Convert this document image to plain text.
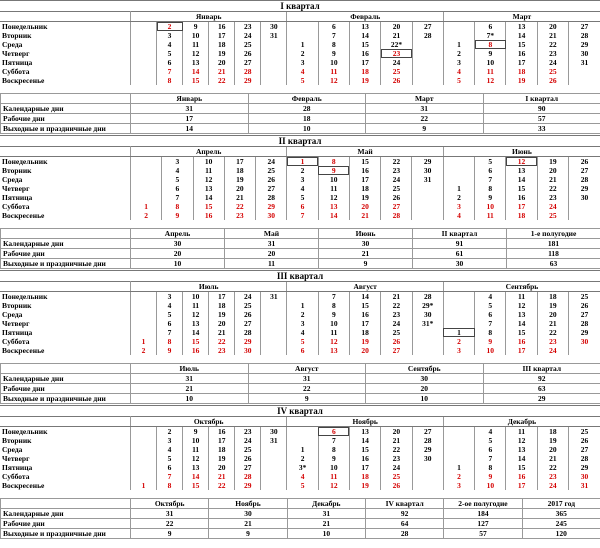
I квартал
	Январь						Февраль					Март				
Понедельник		2	9	16	23	30		6	13	20	27		6	13	20	27
Вторник		3	10	17	24	31		7	14	21	28		7*	14	21	28
Среда		4	11	18	25		1	8	15	22*		1	8	15	22	29
Четверг		5	12	19	26		2	9	16	23		2	9	16	23	30
Пятница		6	13	20	27		3	10	17	24		3	10	17	24	31
Суббота		7	14	21	28		4	11	18	25		4	11	18	25	
Воскресенье		8	15	22	29		5	12	19	26		5	12	19	26	
	Январь	Февраль	Март	I квартал
Календарные дни	31	28	31	90
Рабочие дни	17	18	22	57
Выходные и праздничные дни	14	10	9	33
II квартал
	Апрель					Май					Июнь				
Понедельник		3	10	17	24	1	8	15	22	29		5	12	19	26
Вторник		4	11	18	25	2	9	16	23	30		6	13	20	27
Среда		5	12	19	26	3	10	17	24	31		7	14	21	28
Четверг		6	13	20	27	4	11	18	25		1	8	15	22	29
Пятница		7	14	21	28	5	12	19	26		2	9	16	23	30
Суббота	1	8	15	22	29	6	13	20	27		3	10	17	24	
Воскресенье	2	9	16	23	30	7	14	21	28		4	11	18	25	
	Апрель	Май	Июнь	II квартал	1-е полугодие
Календарные дни	30	31	30	91	181
Рабочие дни	20	20	21	61	118
Выходные и праздничные дни	10	11	9	30	63
III квартал
	Июль						Август					Сентябрь				
Понедельник		3	10	17	24	31		7	14	21	28		4	11	18	25
Вторник		4	11	18	25		1	8	15	22	29*		5	12	19	26
Среда		5	12	19	26		2	9	16	23	30		6	13	20	27
Четверг		6	13	20	27		3	10	17	24	31*		7	14	21	28
Пятница		7	14	21	28		4	11	18	25		1	8	15	22	29
Суббота	1	8	15	22	29		5	12	19	26		2	9	16	23	30
Воскресенье	2	9	16	23	30		6	13	20	27		3	10	17	24	
	Июль	Август	Сентябрь	III квартал
Календарные дни	31	31	30	92
Рабочие дни	21	22	20	63
Выходные и праздничные дни	10	9	10	29
IV квартал
	Октябрь						Ноябрь					Декабрь				
Понедельник		2	9	16	23	30		6	13	20	27		4	11	18	25
Вторник		3	10	17	24	31		7	14	21	28		5	12	19	26
Среда		4	11	18	25		1	8	15	22	29		6	13	20	27
Четверг		5	12	19	26		2	9	16	23	30		7	14	21	28
Пятница		6	13	20	27		3*	10	17	24		1	8	15	22	29
Суббота		7	14	21	28		4	11	18	25		2	9	16	23	30
Воскресенье	1	8	15	22	29		5	12	19	26		3	10	17	24	31
	Октябрь	Ноябрь	Декабрь	IV квартал	2-ое полугодие	2017 год
Календарные дни	31	30	31	92	184	365
Рабочие дни	22	21	21	64	127	245
Выходные и праздничные дни	9	9	10	28	57	120
